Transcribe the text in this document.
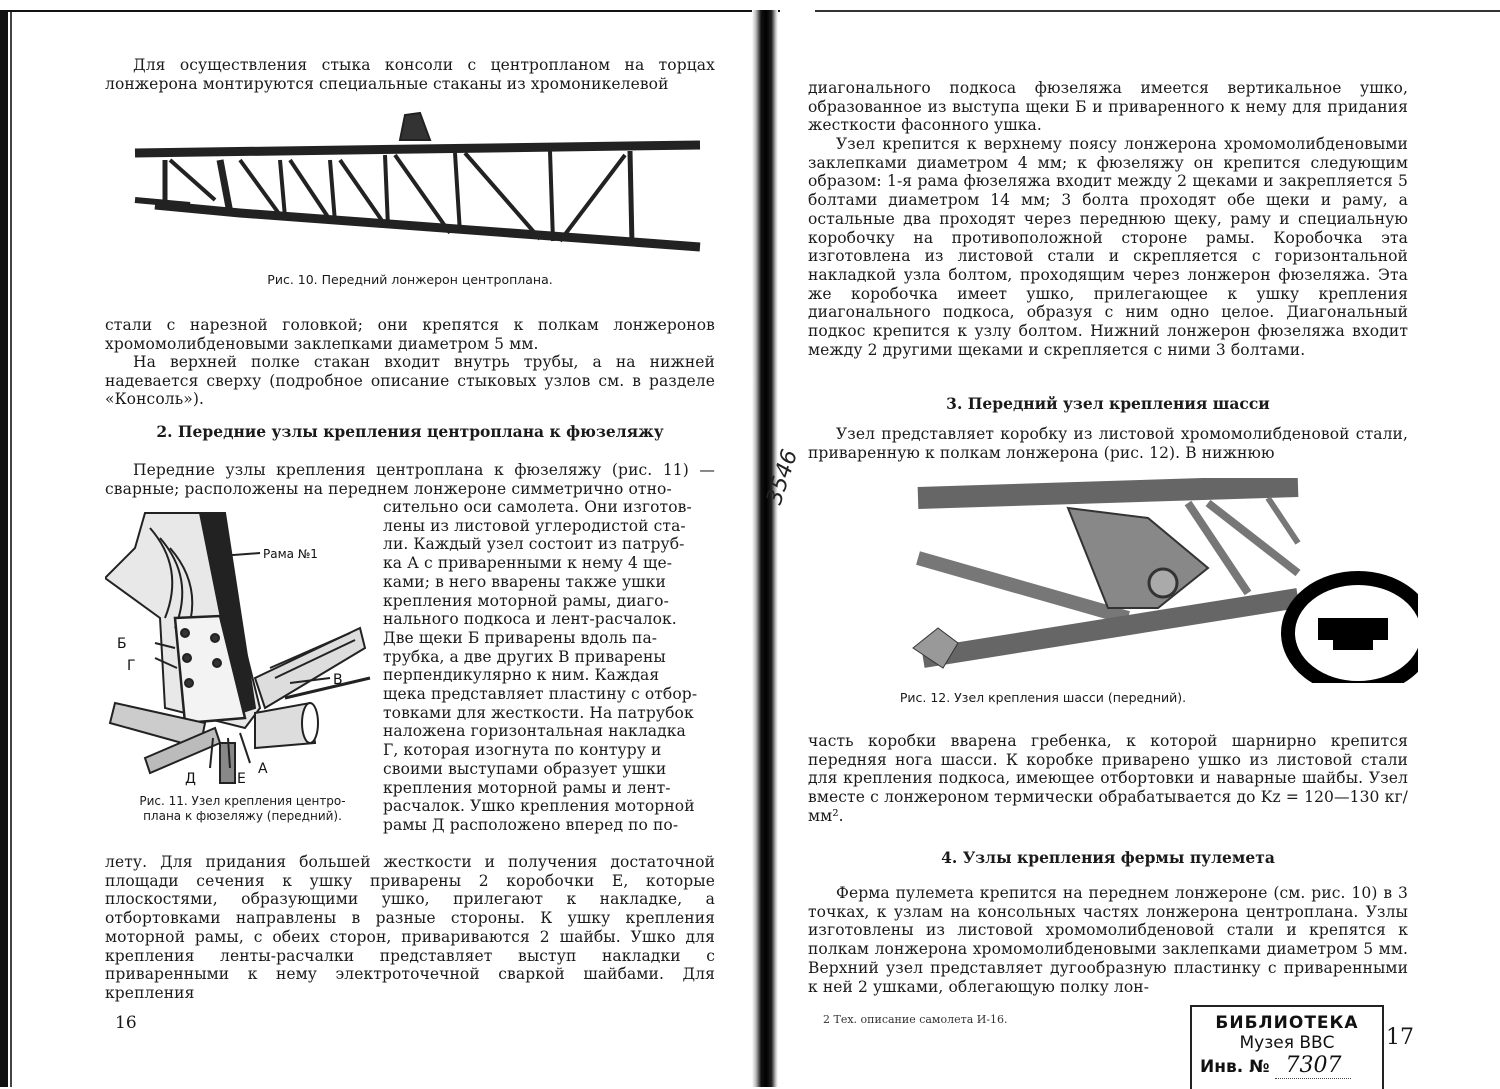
3546

Для осуществления стыка консоли с центропланом на торцах лонжерона монтируются специальные стаканы из хромоникелевой

Рис. 10. Передний лонжерон центроплана.

стали с нарезной головкой; они крепятся к полкам лонжеронов хромомолибденовыми заклепками диаметром 5 мм.

На верхней полке стакан входит внутрь трубы, а на нижней надевается сверху (подробное описание стыковых узлов см. в разделе «Консоль»).

2. Передние узлы крепления центроплана к фюзеляжу

Передние узлы крепления центроплана к фюзеляжу (рис. 11) — сварные; расположены на переднем лонжероне симметрично отно-

сительно оси самолета. Они изготов-

лены из листовой углеродистой ста-

ли. Каждый узел состоит из патруб-

ка А с приваренными к нему 4 ще-

ками; в него вварены также ушки

крепления моторной рамы, диаго-

нального подкоса и лент-расчалок.

Две щеки Б приварены вдоль па-

трубка, а две других В приварены

перпендикулярно к ним. Каждая

щека представляет пластину с отбор-

товками для жесткости. На патрубок

наложена горизонтальная накладка

Г, которая изогнута по контуру и

своими выступами образует ушки

крепления моторной рамы и лент-

расчалок. Ушко крепления моторной

рамы Д расположено вперед по по-

Рама №1
Б
Г
В
Д	Е
А
Рис. 11. Узел крепления центро-
плана к фюзеляжу (передний).

лету. Для придания большей жесткости и получения достаточной площади сечения к ушку приварены 2 коробочки Е, которые плоскостями, образующими ушко, прилегают к накладке, а отбортовками направлены в разные стороны. К ушку крепления моторной рамы, с обеих сторон, привариваются 2 шайбы. Ушко для крепления ленты-расчалки представляет выступ накладки с приваренными к нему электроточечной сваркой шайбами. Для крепления

16

диагонального подкоса фюзеляжа имеется вертикальное ушко, образованное из выступа щеки Б и приваренного к нему для придания жесткости фасонного ушка.

Узел крепится к верхнему поясу лонжерона хромомолибденовыми заклепками диаметром 4 мм; к фюзеляжу он крепится следующим образом: 1-я рама фюзеляжа входит между 2 щеками и закрепляется 5 болтами диаметром 14 мм; 3 болта проходят обе щеки и раму, а остальные два проходят через переднюю щеку, раму и специальную коробочку на противоположной стороне рамы. Коробочка эта изготовлена из листовой стали и скрепляется с горизонтальной накладкой узла болтом, проходящим через лонжерон фюзеляжа. Эта же коробочка имеет ушко, прилегающее к ушку крепления диагонального подкоса, образуя с ним одно целое. Диагональный подкос крепится к узлу болтом. Нижний лонжерон фюзеляжа входит между 2 другими щеками и скрепляется с ними 3 болтами.

3. Передний узел крепления шасси

Узел представляет коробку из листовой хромомолибденовой стали, приваренную к полкам лонжерона (рис. 12). В нижнюю

Рис. 12. Узел крепления шасси (передний).

часть коробки вварена гребенка, к которой шарнирно крепится передняя нога шасси. К коробке приварено ушко из листовой стали для крепления подкоса, имеющее отбортовки и наварные шайбы. Узел вместе с лонжероном термически обрабатывается до Kz = 120—130 кг/мм².

4. Узлы крепления фермы пулемета

Ферма пулемета крепится на переднем лонжероне (см. рис. 10) в 3 точках, к узлам на консольных частях лонжерона центроплана. Узлы изготовлены из листовой хромомолибденовой стали и крепятся к полкам лонжерона хромомолибденовыми заклепками диаметром 5 мм. Верхний узел представляет дугообразную пластинку с приваренными к ней 2 ушками, облегающую полку лон-

2 Тех. описание самолета И-16.
17
БИБЛИОТЕКА
Музея ВВС
Инв. № 7307
